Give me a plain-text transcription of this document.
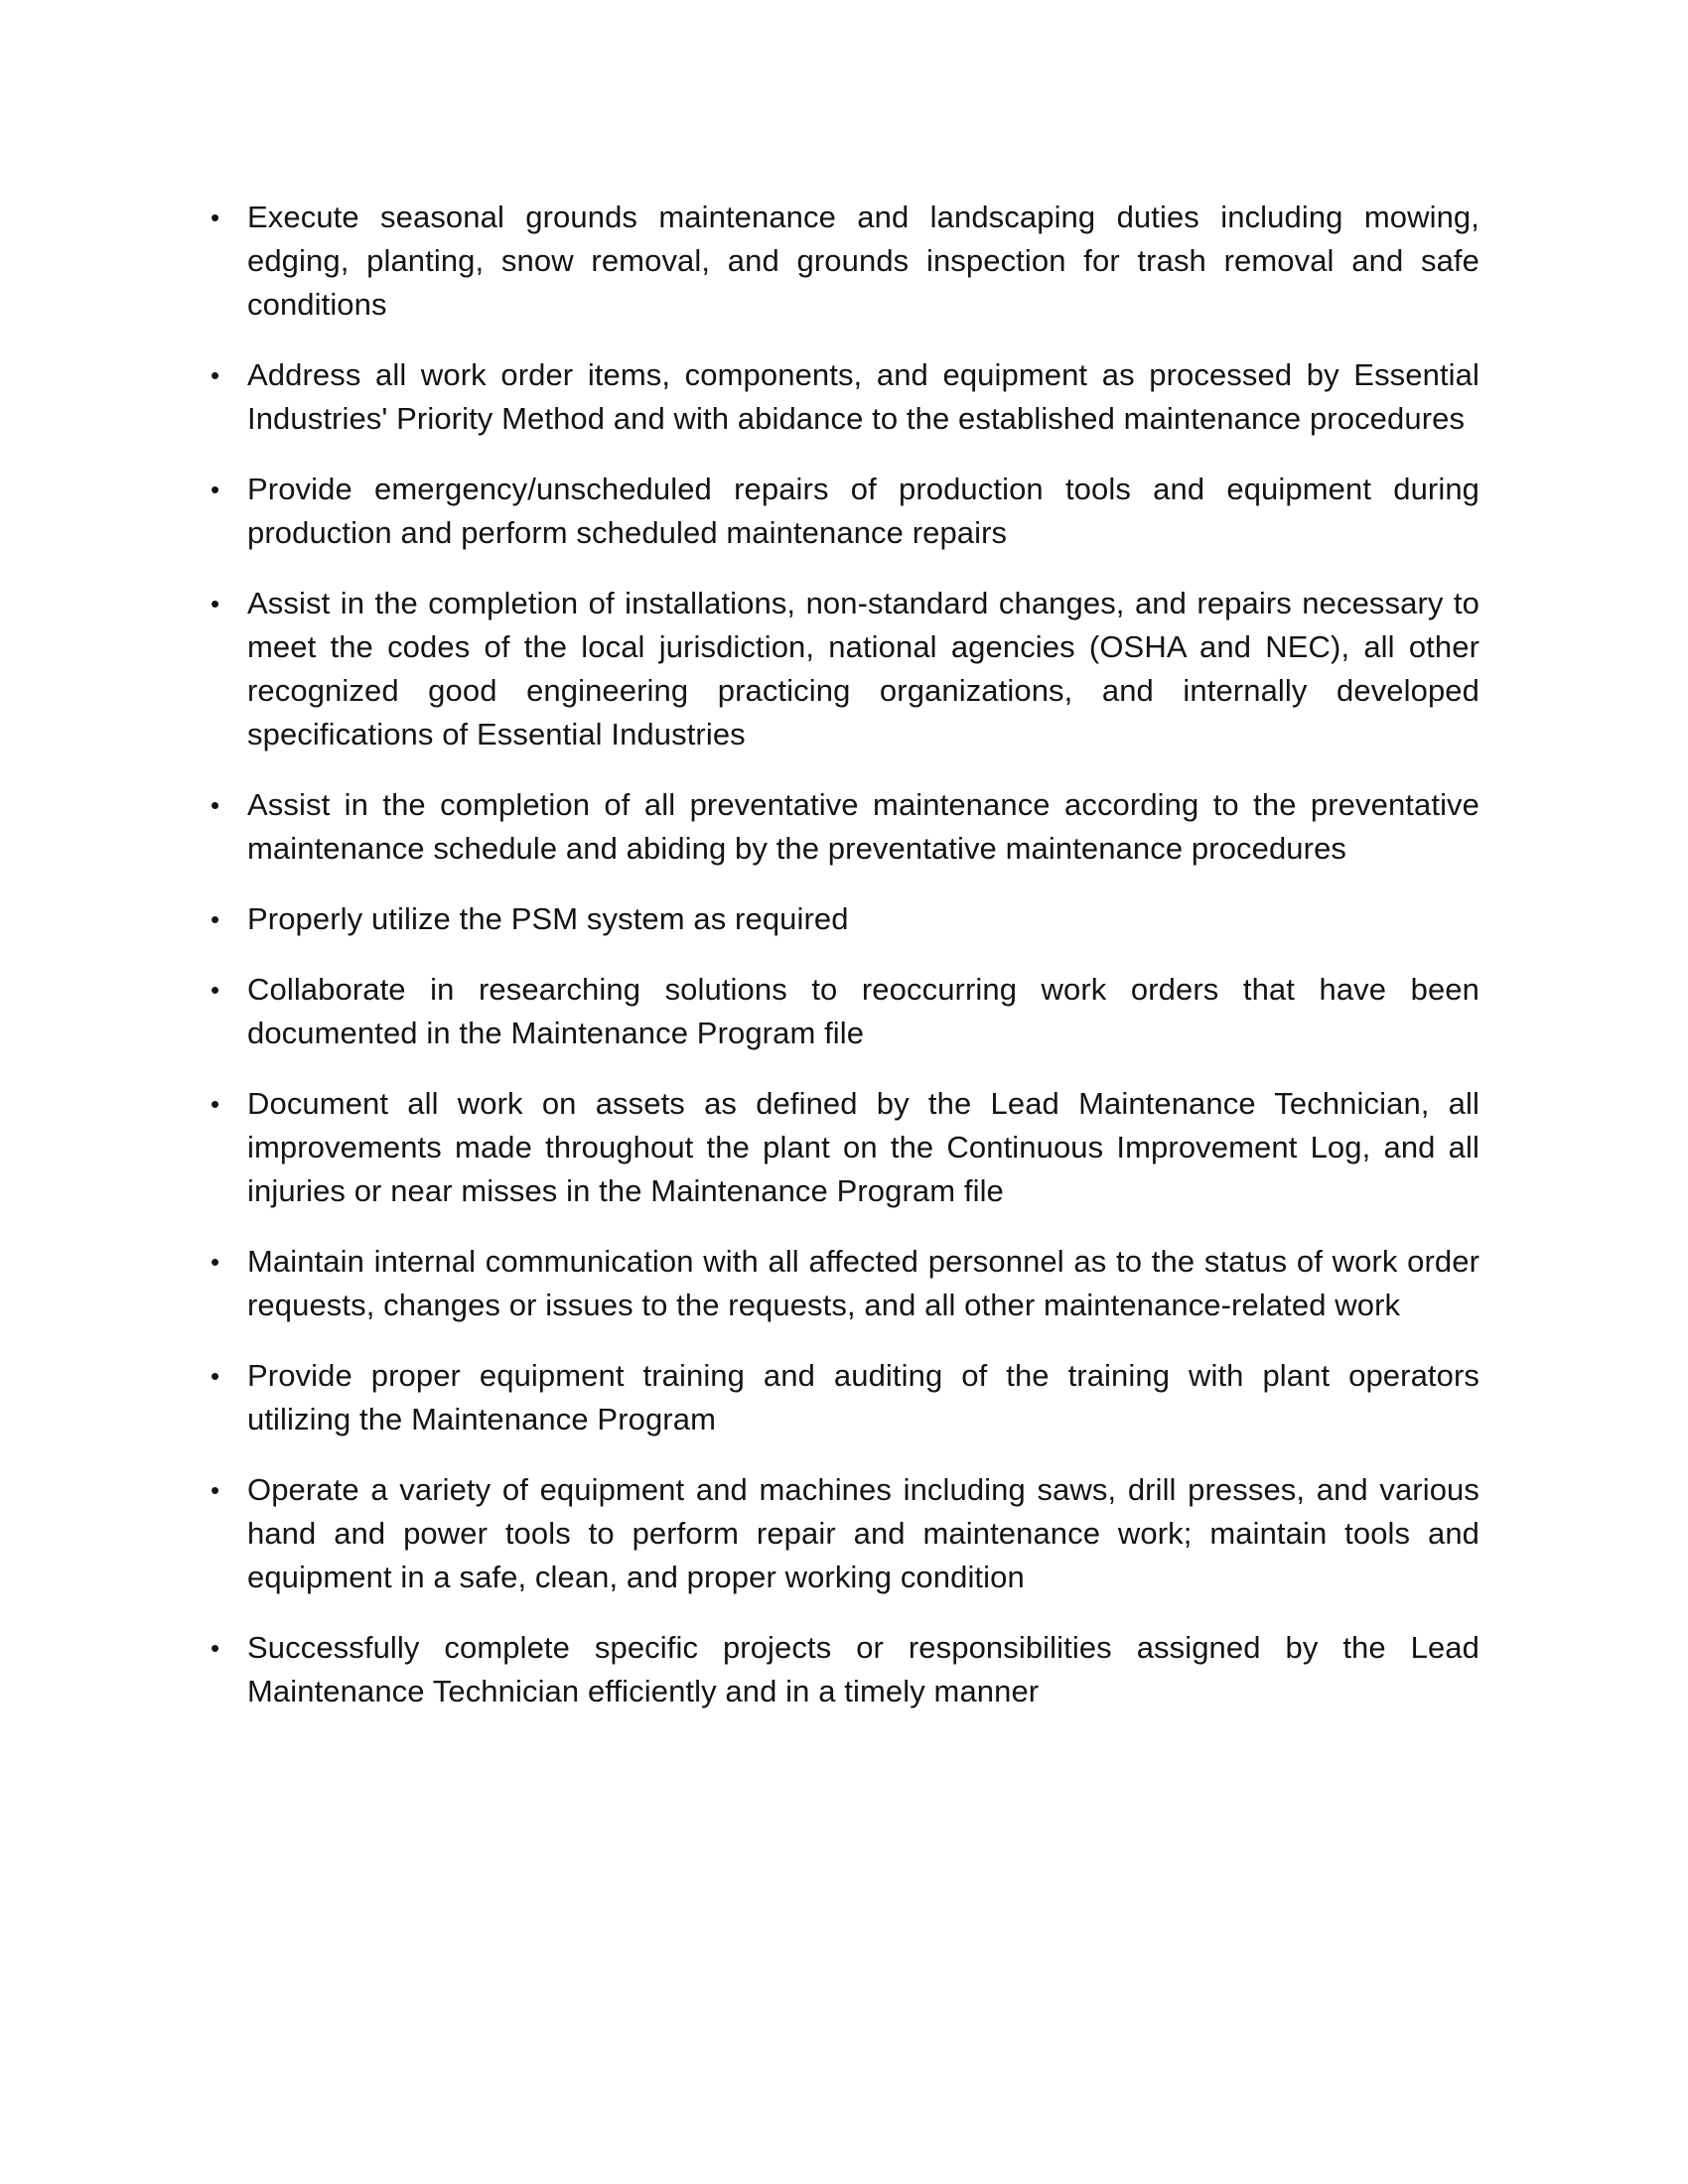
• Execute seasonal grounds maintenance and landscaping duties including mowing, edging, planting, snow removal, and grounds inspection for trash removal and safe conditions
• Address all work order items, components, and equipment as processed by Essential Industries' Priority Method and with abidance to the established maintenance procedures
• Provide emergency/unscheduled repairs of production tools and equipment during production and perform scheduled maintenance repairs
• Assist in the completion of installations, non-standard changes, and repairs necessary to meet the codes of the local jurisdiction, national agencies (OSHA and NEC), all other recognized good engineering practicing organizations, and internally developed specifications of Essential Industries
• Assist in the completion of all preventative maintenance according to the preventative maintenance schedule and abiding by the preventative maintenance procedures
• Properly utilize the PSM system as required
• Collaborate in researching solutions to reoccurring work orders that have been documented in the Maintenance Program file
• Document all work on assets as defined by the Lead Maintenance Technician, all improvements made throughout the plant on the Continuous Improvement Log, and all injuries or near misses in the Maintenance Program file
• Maintain internal communication with all affected personnel as to the status of work order requests, changes or issues to the requests, and all other maintenance-related work
• Provide proper equipment training and auditing of the training with plant operators utilizing the Maintenance Program
• Operate a variety of equipment and machines including saws, drill presses, and various hand and power tools to perform repair and maintenance work; maintain tools and equipment in a safe, clean, and proper working condition
• Successfully complete specific projects or responsibilities assigned by the Lead Maintenance Technician efficiently and in a timely manner
